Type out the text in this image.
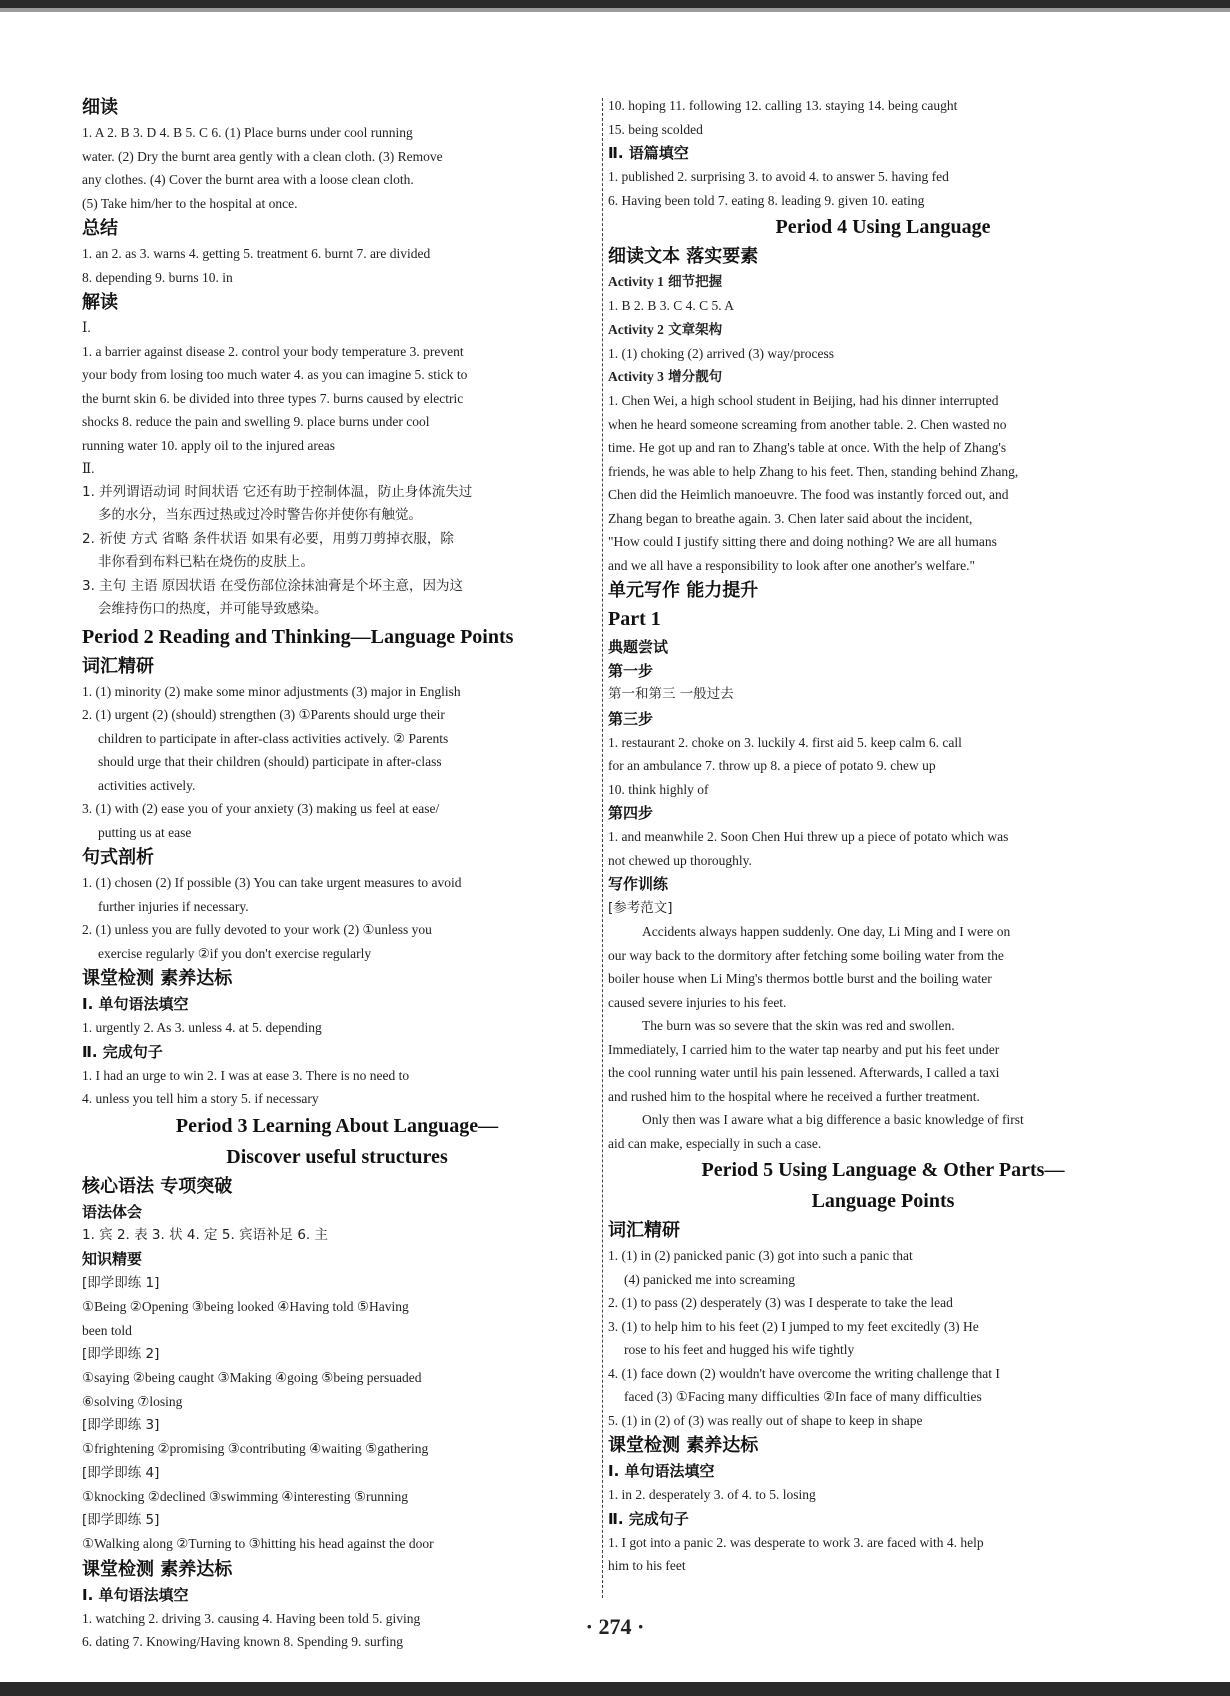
细读
1. A 2. B 3. D 4. B 5. C 6. (1) Place burns under cool running
water. (2) Dry the burnt area gently with a clean cloth. (3) Remove
any clothes. (4) Cover the burnt area with a loose clean cloth.
(5) Take him/her to the hospital at once.
总结
1. an 2. as 3. warns 4. getting 5. treatment 6. burnt 7. are divided
8. depending 9. burns 10. in
解读
Ⅰ.
1. a barrier against disease 2. control your body temperature 3. prevent
your body from losing too much water 4. as you can imagine 5. stick to
the burnt skin 6. be divided into three types 7. burns caused by electric
shocks 8. reduce the pain and swelling 9. place burns under cool
running water 10. apply oil to the injured areas
Ⅱ.
1. 并列谓语动词 时间状语 它还有助于控制体温，防止身体流失过
多的水分，当东西过热或过冷时警告你并使你有触觉。
2. 祈使 方式 省略 条件状语 如果有必要，用剪刀剪掉衣服，除
非你看到布料已粘在烧伤的皮肤上。
3. 主句 主语 原因状语 在受伤部位涂抹油膏是个坏主意，因为这
会维持伤口的热度，并可能导致感染。
Period 2 Reading and Thinking—Language Points
词汇精研
1. (1) minority (2) make some minor adjustments (3) major in English
2. (1) urgent (2) (should) strengthen (3) ①Parents should urge their
children to participate in after-class activities actively. ② Parents
should urge that their children (should) participate in after-class
activities actively.
3. (1) with (2) ease you of your anxiety (3) making us feel at ease/
putting us at ease
句式剖析
1. (1) chosen (2) If possible (3) You can take urgent measures to avoid
further injuries if necessary.
2. (1) unless you are fully devoted to your work (2) ①unless you
exercise regularly ②if you don't exercise regularly
课堂检测 素养达标
Ⅰ. 单句语法填空
1. urgently 2. As 3. unless 4. at 5. depending
Ⅱ. 完成句子
1. I had an urge to win 2. I was at ease 3. There is no need to
4. unless you tell him a story 5. if necessary
Period 3 Learning About Language—
Discover useful structures
核心语法 专项突破
语法体会
1. 宾 2. 表 3. 状 4. 定 5. 宾语补足 6. 主
知识精要
[即学即练 1]
①Being ②Opening ③being looked ④Having told ⑤Having
been told
[即学即练 2]
①saying ②being caught ③Making ④going ⑤being persuaded
⑥solving ⑦losing
[即学即练 3]
①frightening ②promising ③contributing ④waiting ⑤gathering
[即学即练 4]
①knocking ②declined ③swimming ④interesting ⑤running
[即学即练 5]
①Walking along ②Turning to ③hitting his head against the door
课堂检测 素养达标
Ⅰ. 单句语法填空
1. watching 2. driving 3. causing 4. Having been told 5. giving
6. dating 7. Knowing/Having known 8. Spending 9. surfing
10. hoping 11. following 12. calling 13. staying 14. being caught
15. being scolded
Ⅱ. 语篇填空
1. published 2. surprising 3. to avoid 4. to answer 5. having fed
6. Having been told 7. eating 8. leading 9. given 10. eating
Period 4 Using Language
细读文本 落实要素
Activity 1 细节把握
1. B 2. B 3. C 4. C 5. A
Activity 2 文章架构
1. (1) choking (2) arrived (3) way/process
Activity 3 增分靓句
1. Chen Wei, a high school student in Beijing, had his dinner interrupted
when he heard someone screaming from another table. 2. Chen wasted no
time. He got up and ran to Zhang's table at once. With the help of Zhang's
friends, he was able to help Zhang to his feet. Then, standing behind Zhang,
Chen did the Heimlich manoeuvre. The food was instantly forced out, and
Zhang began to breathe again. 3. Chen later said about the incident,
"How could I justify sitting there and doing nothing? We are all humans
and we all have a responsibility to look after one another's welfare."
单元写作 能力提升
Part 1
典题尝试
第一步
第一和第三 一般过去
第三步
1. restaurant 2. choke on 3. luckily 4. first aid 5. keep calm 6. call
for an ambulance 7. throw up 8. a piece of potato 9. chew up
10. think highly of
第四步
1. and meanwhile 2. Soon Chen Hui threw up a piece of potato which was
not chewed up thoroughly.
写作训练
[参考范文]
Accidents always happen suddenly. One day, Li Ming and I were on
our way back to the dormitory after fetching some boiling water from the
boiler house when Li Ming's thermos bottle burst and the boiling water
caused severe injuries to his feet.
The burn was so severe that the skin was red and swollen.
Immediately, I carried him to the water tap nearby and put his feet under
the cool running water until his pain lessened. Afterwards, I called a taxi
and rushed him to the hospital where he received a further treatment.
Only then was I aware what a big difference a basic knowledge of first
aid can make, especially in such a case.
Period 5 Using Language & Other Parts—
Language Points
词汇精研
1. (1) in (2) panicked panic (3) got into such a panic that
(4) panicked me into screaming
2. (1) to pass (2) desperately (3) was I desperate to take the lead
3. (1) to help him to his feet (2) I jumped to my feet excitedly (3) He
rose to his feet and hugged his wife tightly
4. (1) face down (2) wouldn't have overcome the writing challenge that I
faced (3) ①Facing many difficulties ②In face of many difficulties
5. (1) in (2) of (3) was really out of shape to keep in shape
课堂检测 素养达标
Ⅰ. 单句语法填空
1. in 2. desperately 3. of 4. to 5. losing
Ⅱ. 完成句子
1. I got into a panic 2. was desperate to work 3. are faced with 4. help
him to his feet
· 274 ·
